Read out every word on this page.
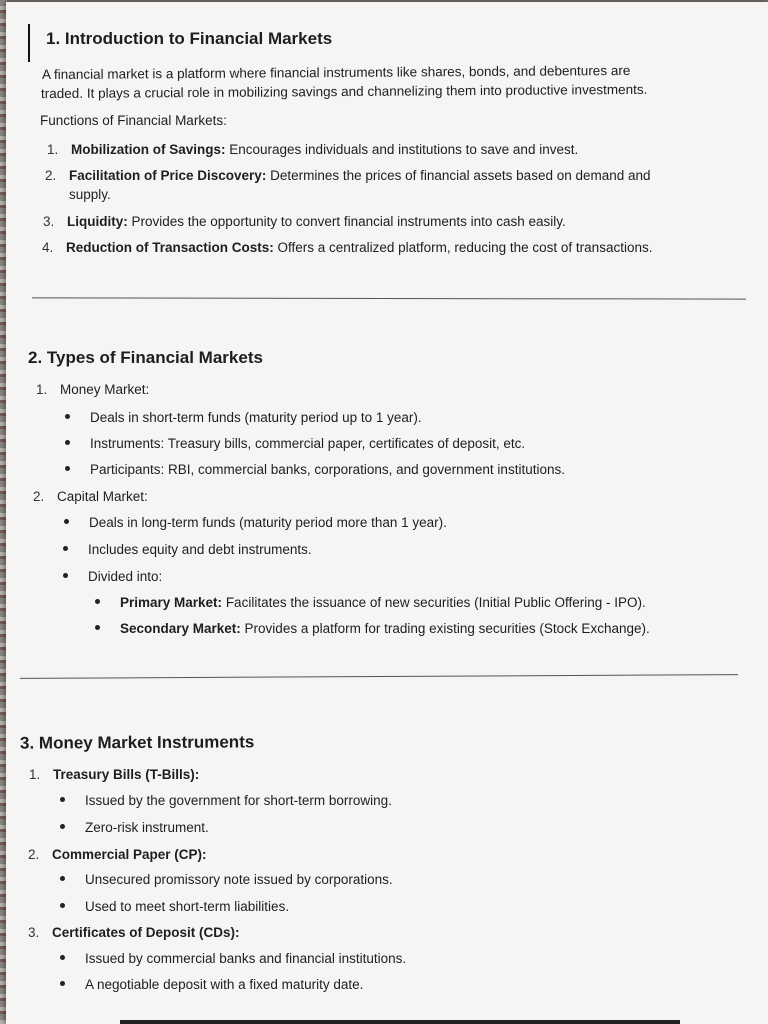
1. Introduction to Financial Markets
A financial market is a platform where financial instruments like shares, bonds, and debentures are
traded. It plays a crucial role in mobilizing savings and channelizing them into productive investments.
Functions of Financial Markets:
1. Mobilization of Savings: Encourages individuals and institutions to save and invest.
2. Facilitation of Price Discovery: Determines the prices of financial assets based on demand and
supply.
3. Liquidity: Provides the opportunity to convert financial instruments into cash easily.
4. Reduction of Transaction Costs: Offers a centralized platform, reducing the cost of transactions.
2. Types of Financial Markets
1. Money Market:
Deals in short-term funds (maturity period up to 1 year).
Instruments: Treasury bills, commercial paper, certificates of deposit, etc.
Participants: RBI, commercial banks, corporations, and government institutions.
2. Capital Market:
Deals in long-term funds (maturity period more than 1 year).
Includes equity and debt instruments.
Divided into:
Primary Market: Facilitates the issuance of new securities (Initial Public Offering - IPO).
Secondary Market: Provides a platform for trading existing securities (Stock Exchange).
3. Money Market Instruments
1. Treasury Bills (T-Bills):
Issued by the government for short-term borrowing.
Zero-risk instrument.
2. Commercial Paper (CP):
Unsecured promissory note issued by corporations.
Used to meet short-term liabilities.
3. Certificates of Deposit (CDs):
Issued by commercial banks and financial institutions.
A negotiable deposit with a fixed maturity date.
